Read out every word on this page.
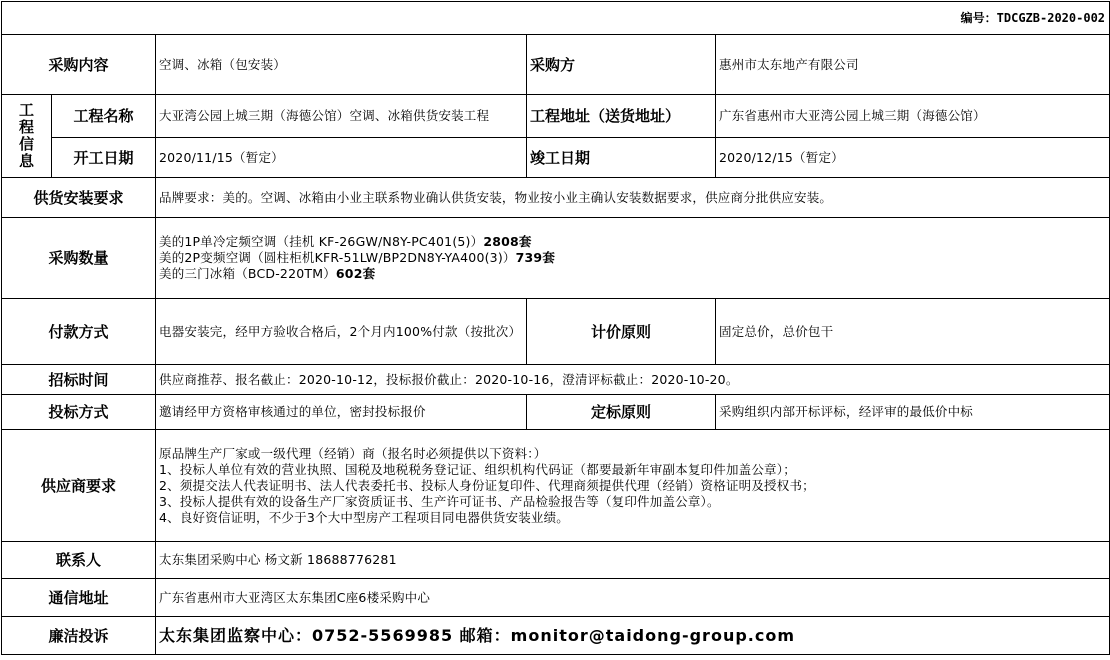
编号：TDCGZB-2020-002				
采购内容		空调、冰箱（包安装）	采购方	惠州市太东地产有限公司

工
程
信
息	工程名称	大亚湾公园上城三期（海德公馆）空调、冰箱供货安装工程	工程地址（送货地址）	广东省惠州市大亚湾公园上城三期（海德公馆）
	开工日期	2020/11/15（暂定）	竣工日期	2020/12/15（暂定）
供货安装要求		品牌要求：美的。空调、冰箱由小业主联系物业确认供货安装，物业按小业主确认安装数据要求，供应商分批供应安装。		
采购数量		美的1P单冷定频空调（挂机 KF-26GW/N8Y-PC401(5)）2808套
美的2P变频空调（圆柱柜机KFR-51LW/BP2DN8Y-YA400(3)）739套
美的三门冰箱（BCD-220TM）602套		

付款方式		电器安装完，经甲方验收合格后，2个月内100%付款（按批次）	计价原则	固定总价，总价包干
招标时间		供应商推荐、报名截止：2020-10-12，投标报价截止：2020-10-16，澄清评标截止：2020-10-20。		
投标方式		邀请经甲方资格审核通过的单位，密封投标报价	定标原则	采购组织内部开标评标，经评审的最低价中标
供应商要求		原品牌生产厂家或一级代理（经销）商（报名时必须提供以下资料：）
1、投标人单位有效的营业执照、国税及地税税务登记证、组织机构代码证（都要最新年审副本复印件加盖公章）；
2、须提交法人代表证明书、法人代表委托书、投标人身份证复印件、代理商须提供代理（经销）资格证明及授权书；
3、投标人提供有效的设备生产厂家资质证书、生产许可证书、产品检验报告等（复印件加盖公章）。
4、良好资信证明，不少于3个大中型房产工程项目同电器供货安装业绩。		

联系人		太东集团采购中心 杨文新 18688776281		
通信地址		广东省惠州市大亚湾区太东集团C座6楼采购中心		
廉洁投诉		太东集团监察中心：0752-5569985 邮箱：monitor@taidong-group.com		
